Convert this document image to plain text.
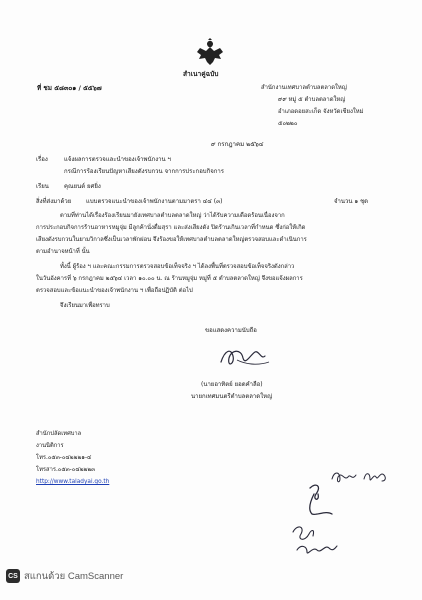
สำเนาคู่ฉบับ
ที่ ชม ๕๘๓๐๑ / ๕๕๖๗	สำนักงานเทศบาลตำบลตลาดใหญ่
๙๙ หมู่ ๕ ตำบลตลาดใหญ่
อำเภอดอยสะเก็ด จังหวัดเชียงใหม่
๕๐๒๒๐
๙ กรกฎาคม ๒๕๖๔
เรื่อง	แจ้งผลการตรวจและนำของเจ้าพนักงาน ฯ
กรณีการร้องเรียนปัญหาเสียงดังรบกวน จากการประกอบกิจการ
เรียน	คุณยนต์ ยศยิ่ง
สิ่งที่ส่งมาด้วย แบบตรวจแนะนำของเจ้าพนักงานตามมาตรา ๔๔ (๓)	จำนวน ๑ ชุด
ตามที่ท่านได้เรื่องร้องเรียนมายังเทศบาลตำบลตลาดใหญ่ ว่าได้รับความเดือดร้อนเนื่องจาก
การประกอบกิจการร้านอาหารหมูจุ่ม มีลูกค้านั่งดื่มสุรา และส่งเสียงดัง ปิดร้านเกินเวลาที่กำหนด ซึ่งก่อให้เกิด
เสียงดังรบกวนในยามวิกาลซึ่งเป็นเวลาพักผ่อน จึงร้องขอให้เทศบาลตำบลตลาดใหญ่ตรวจสอบและดำเนินการ
ตามอำนาจหน้าที่ นั้น
ทั้งนี้ ผู้ร้อง ฯ และคณะกรรมการตรวจสอบข้อเท็จจริง ฯ ได้ลงพื้นที่ตรวจสอบข้อเท็จจริงดังกล่าว
ในวันอังคารที่ ๖ กรกฎาคม ๒๕๖๔ เวลา ๑๐.๐๐ น. ณ ร้านหมูจุ่ม หมู่ที่ ๕ ตำบลตลาดใหญ่ จึงขอแจ้งผลการ
ตรวจสอบและข้อแนะนำของเจ้าพนักงาน ฯ เพื่อถือปฏิบัติ ต่อไป
จึงเรียนมาเพื่อทราบ
ขอแสดงความนับถือ
(นายอาทิตย์ ยอดคำลือ)
นายกเทศมนตรีตำบลตลาดใหญ่
สำนักปลัดเทศบาล
งานนิติการ
โทร.๐๕๓-๐๔๒๒๒๑-๔
โทรสาร.๐๕๓-๐๔๒๒๒๓
http://www.taladyai.go.th
CS สแกนด้วย CamScanner
